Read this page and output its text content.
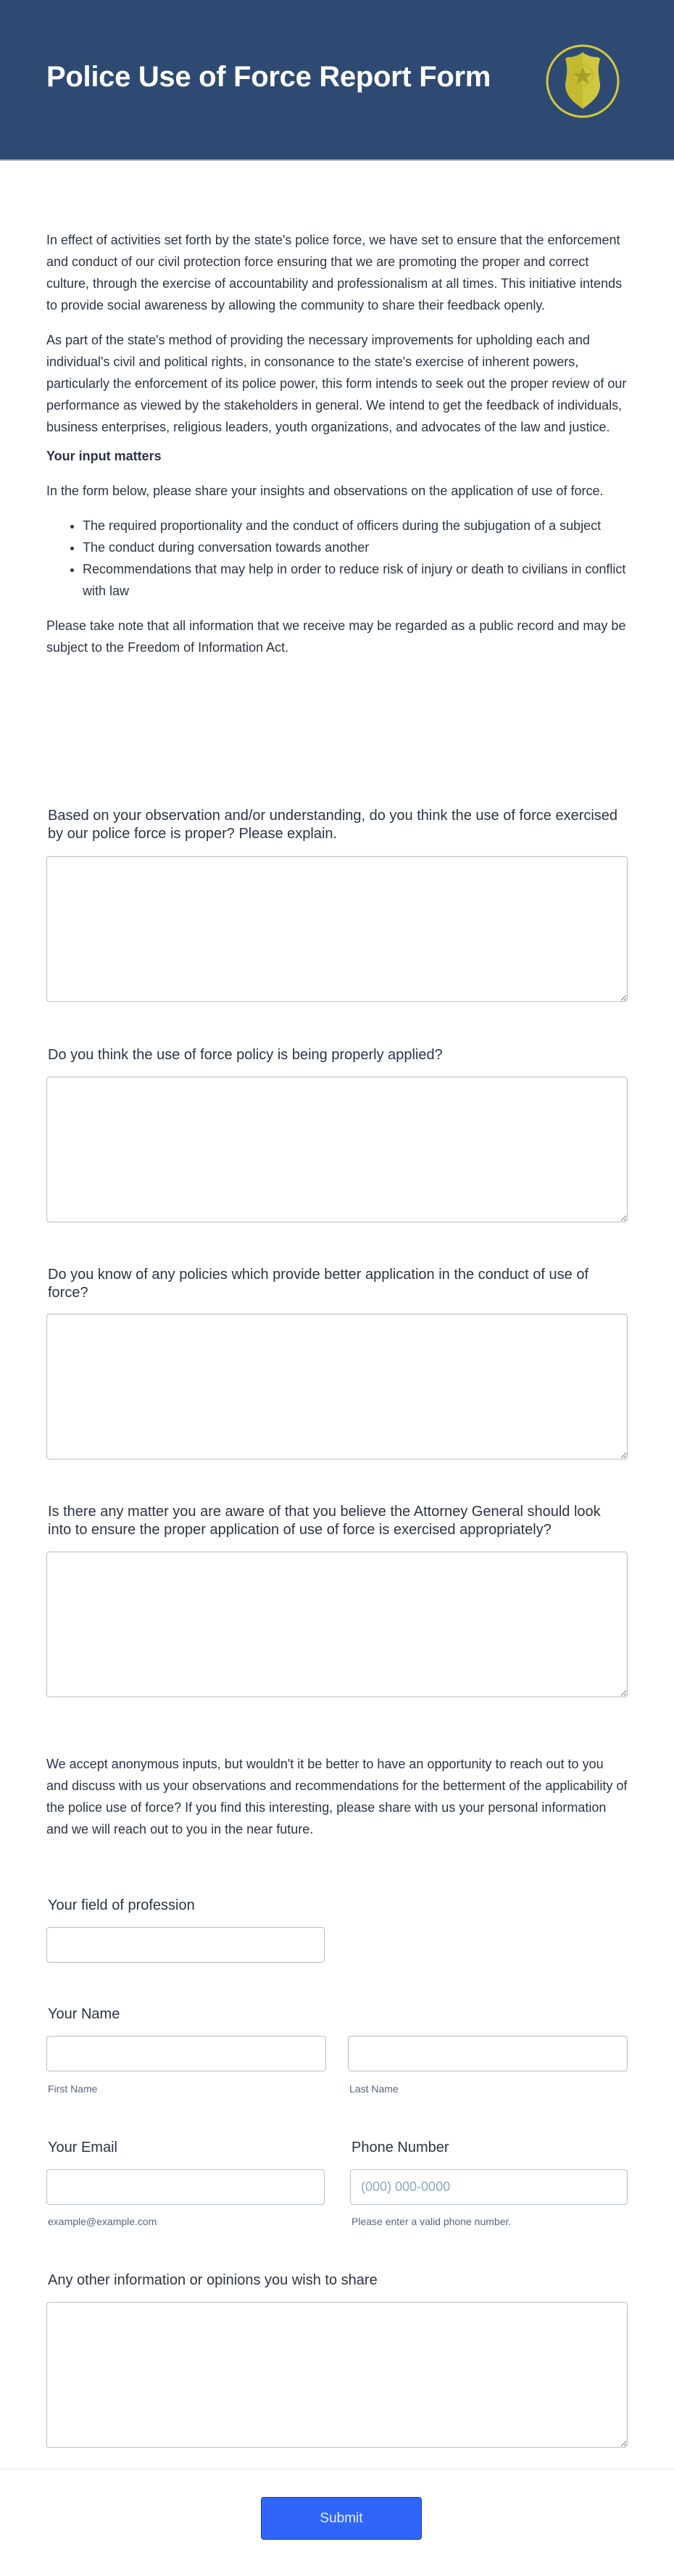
Police Use of Force Report Form

In effect of activities set forth by the state's police force, we have set to ensure that the enforcement and conduct of our civil protection force ensuring that we are promoting the proper and correct culture, through the exercise of accountability and professionalism at all times. This initiative intends to provide social awareness by allowing the community to share their feedback openly.

As part of the state's method of providing the necessary improvements for upholding each and individual's civil and political rights, in consonance to the state's exercise of inherent powers, particularly the enforcement of its police power, this form intends to seek out the proper review of our performance as viewed by the stakeholders in general. We intend to get the feedback of individuals, business enterprises, religious leaders, youth organizations, and advocates of the law and justice.

Your input matters

In the form below, please share your insights and observations on the application of use of force.

• The required proportionality and the conduct of officers during the subjugation of a subject
• The conduct during conversation towards another
• Recommendations that may help in order to reduce risk of injury or death to civilians in conflict with law

Please take note that all information that we receive may be regarded as a public record and may be subject to the Freedom of Information Act.

Based on your observation and/or understanding, do you think the use of force exercised by our police force is proper? Please explain.
Do you think the use of force policy is being properly applied?
Do you know of any policies which provide better application in the conduct of use of force?
Is there any matter you are aware of that you believe the Attorney General should look into to ensure the proper application of use of force is exercised appropriately?

We accept anonymous inputs, but wouldn't it be better to have an opportunity to reach out to you and discuss with us your observations and recommendations for the betterment of the applicability of the police use of force? If you find this interesting, please share with us your personal information and we will reach out to you in the near future.

Your field of profession
Your Name
First Name	Last Name
Your Email	Phone Number
(000) 000-0000
example@example.com	Please enter a valid phone number.
Any other information or opinions you wish to share
Submit
